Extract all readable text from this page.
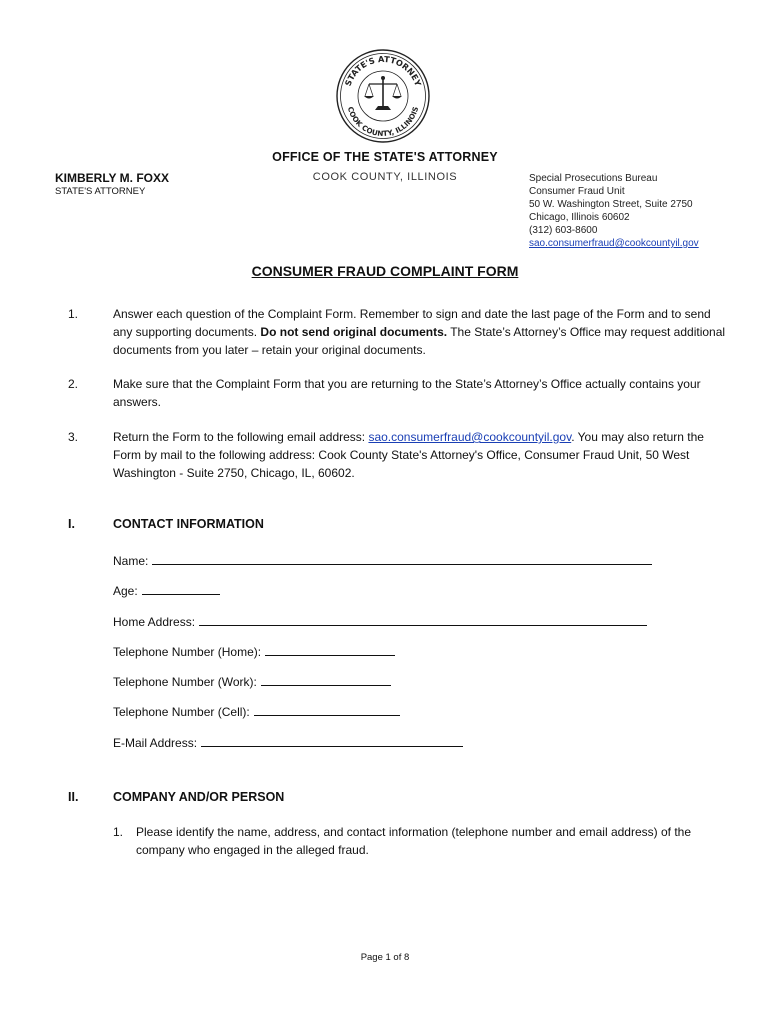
STATE'S ATTORNEY
COOK COUNTY, ILLINOIS
OFFICE OF THE STATE'S ATTORNEY
COOK COUNTY, ILLINOIS
KIMBERLY M. FOXX
STATE'S ATTORNEY
Special Prosecutions Bureau
Consumer Fraud Unit
50 W. Washington Street, Suite 2750
Chicago, Illinois 60602
(312) 603-8600
sao.consumerfraud@cookcountyil.gov
CONSUMER FRAUD COMPLAINT FORM
1.	Answer each question of the Complaint Form. Remember to sign and date the last page of the Form and to send any supporting documents. Do not send original documents. The State’s Attorney’s Office may request additional documents from you later – retain your original documents.
2.	Make sure that the Complaint Form that you are returning to the State’s Attorney’s Office actually contains your answers.
3.	Return the Form to the following email address: sao.consumerfraud@cookcountyil.gov. You may also return the Form by mail to the following address: Cook County State's Attorney's Office, Consumer Fraud Unit, 50 West Washington - Suite 2750, Chicago, IL, 60602.
I.	CONTACT INFORMATION
Name:
Age:
Home Address:
Telephone Number (Home):
Telephone Number (Work):
Telephone Number (Cell):
E-Mail Address:
II.	COMPANY AND/OR PERSON
1. Please identify the name, address, and contact information (telephone number and email address) of the company who engaged in the alleged fraud.
Page 1 of 8
